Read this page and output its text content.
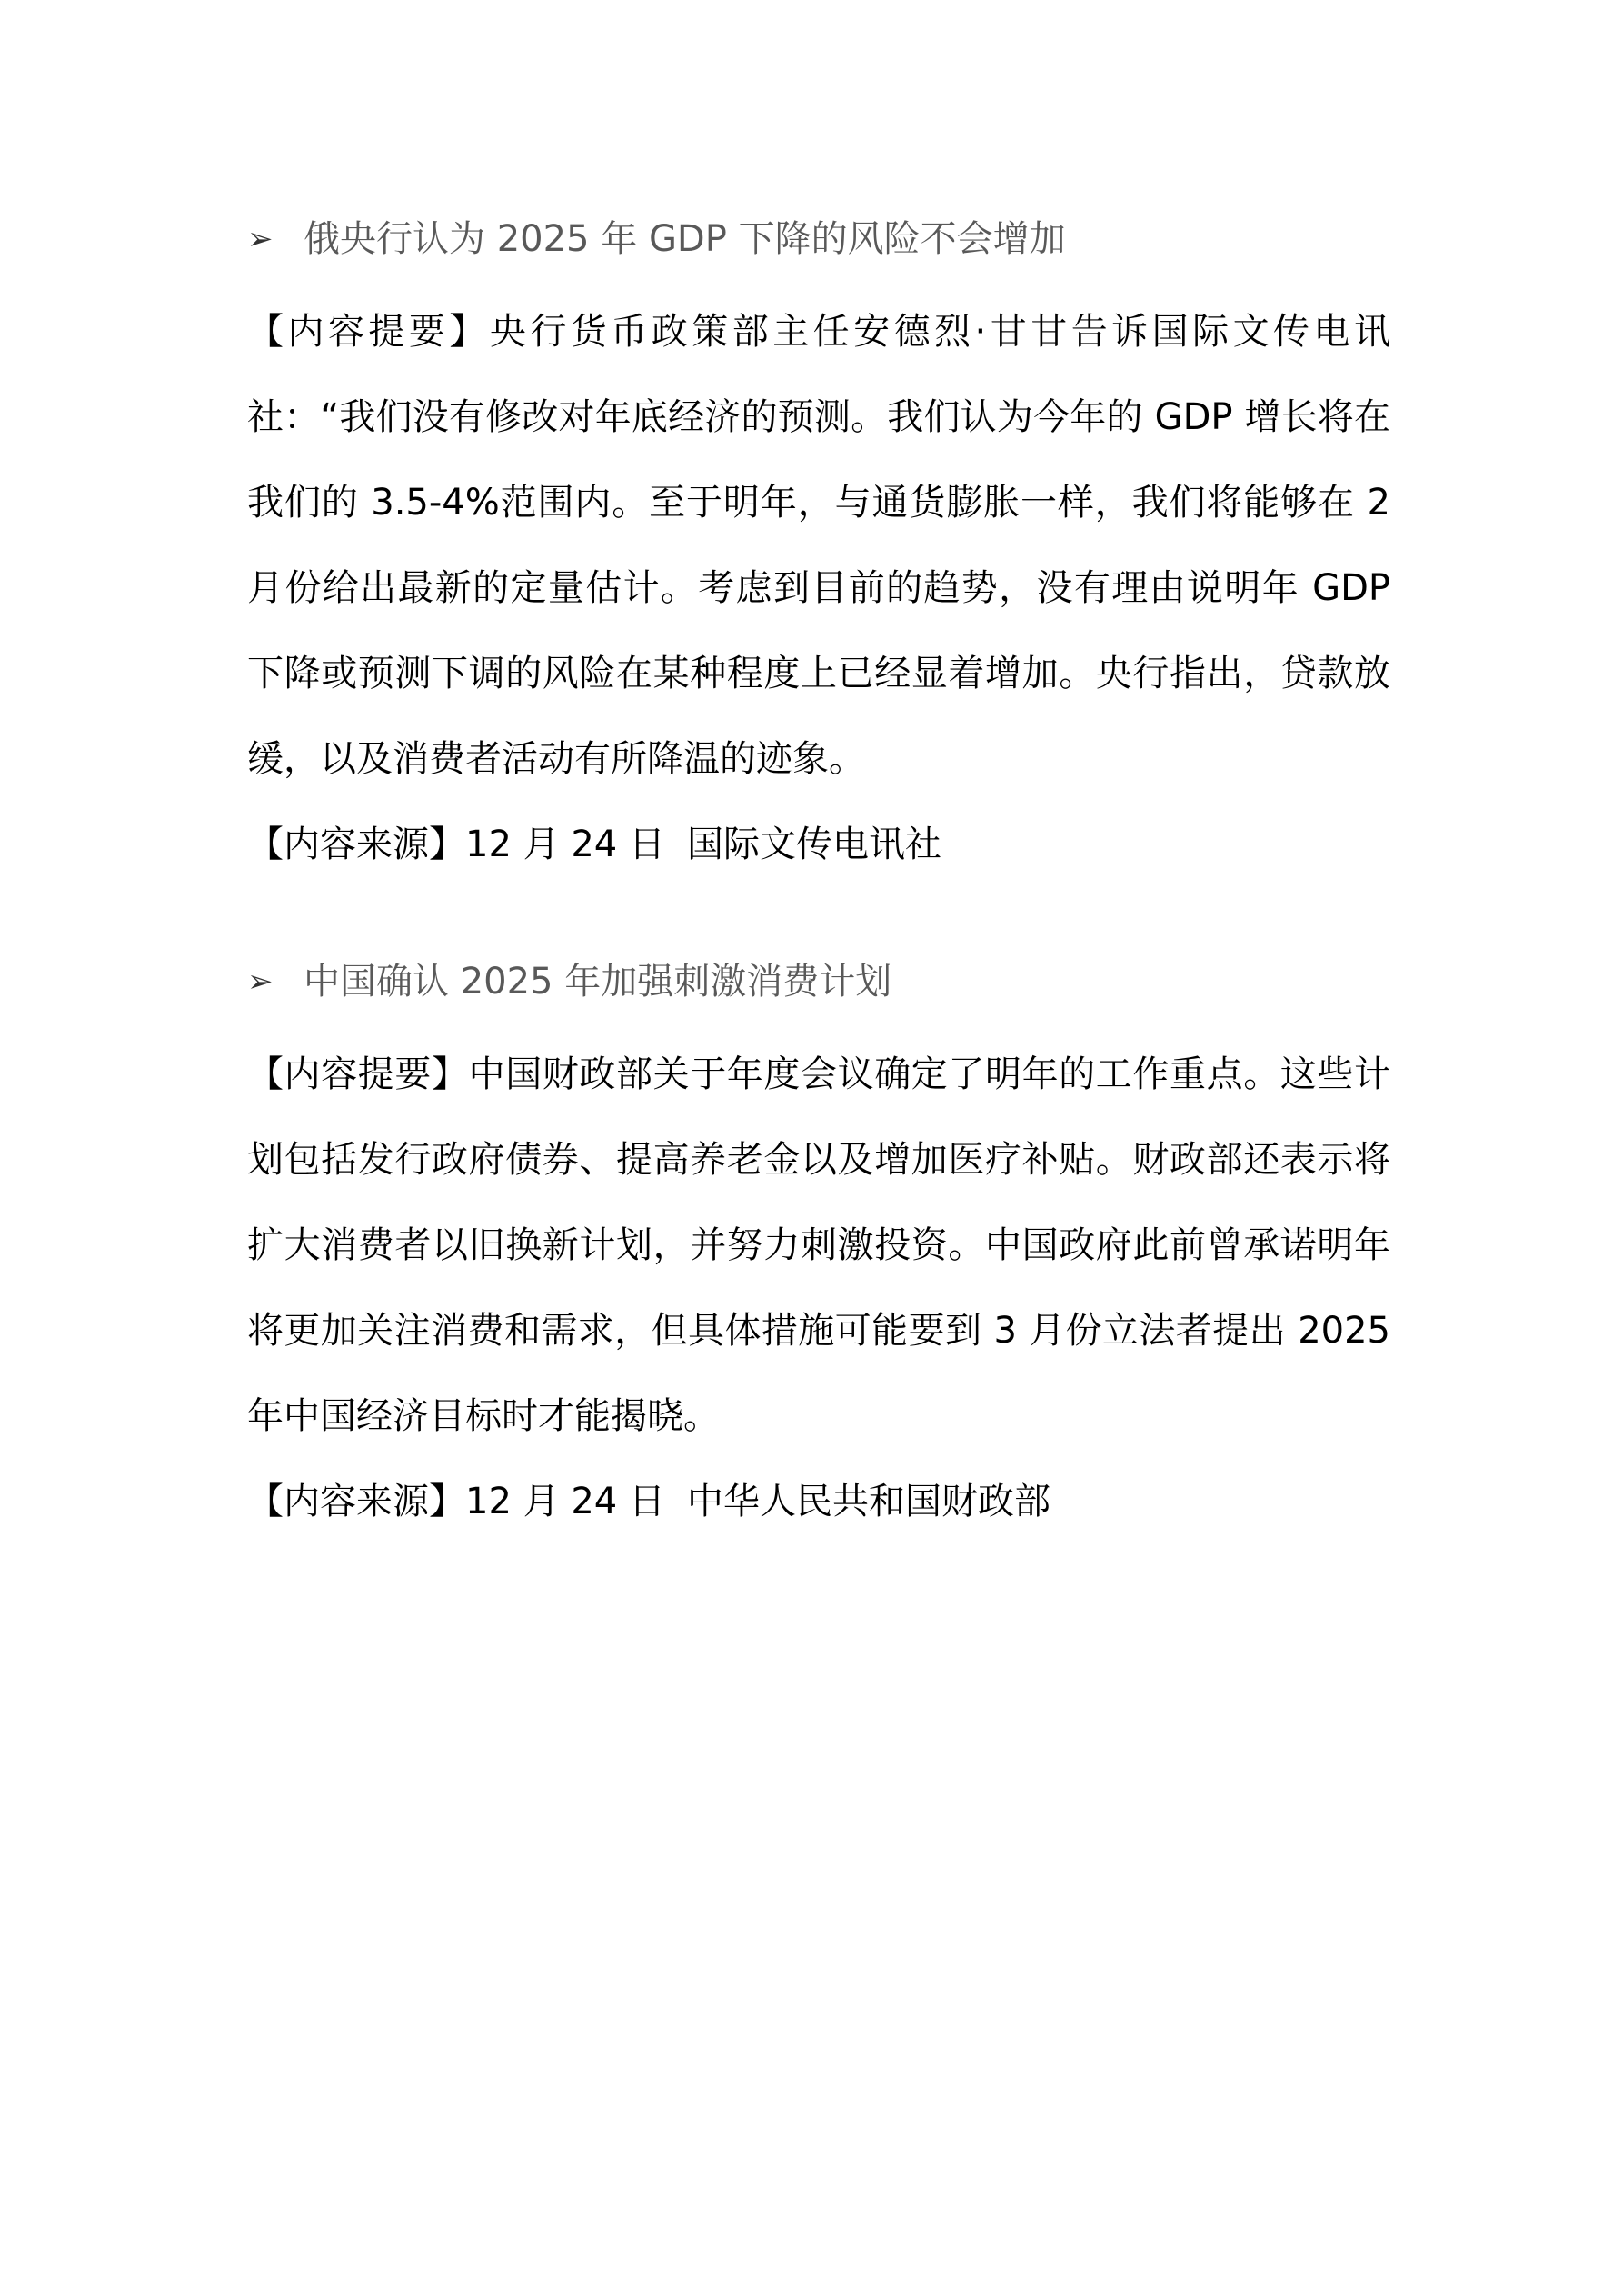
➢ 俄央行认为 2025 年 GDP 下降的风险不会增加
【内容提要】央行货币政策部主任安德烈·甘甘告诉国际文传电讯社：“我们没有修改对年底经济的预测。我们认为今年的 GDP 增长将在我们的 3.5-4%范围内。至于明年，与通货膨胀一样，我们将能够在 2 月份给出最新的定量估计。考虑到目前的趋势，没有理由说明年 GDP 下降或预测下调的风险在某种程度上已经显着增加。央行指出，贷款放缓，以及消费者活动有所降温的迹象。
【内容来源】12 月 24 日 国际文传电讯社
➢ 中国确认 2025 年加强刺激消费计划
【内容提要】中国财政部关于年度会议确定了明年的工作重点。这些计划包括发行政府债券、提高养老金以及增加医疗补贴。财政部还表示将扩大消费者以旧换新计划，并努力刺激投资。中国政府此前曾承诺明年将更加关注消费和需求，但具体措施可能要到 3 月份立法者提出 2025 年中国经济目标时才能揭晓。
【内容来源】12 月 24 日 中华人民共和国财政部
